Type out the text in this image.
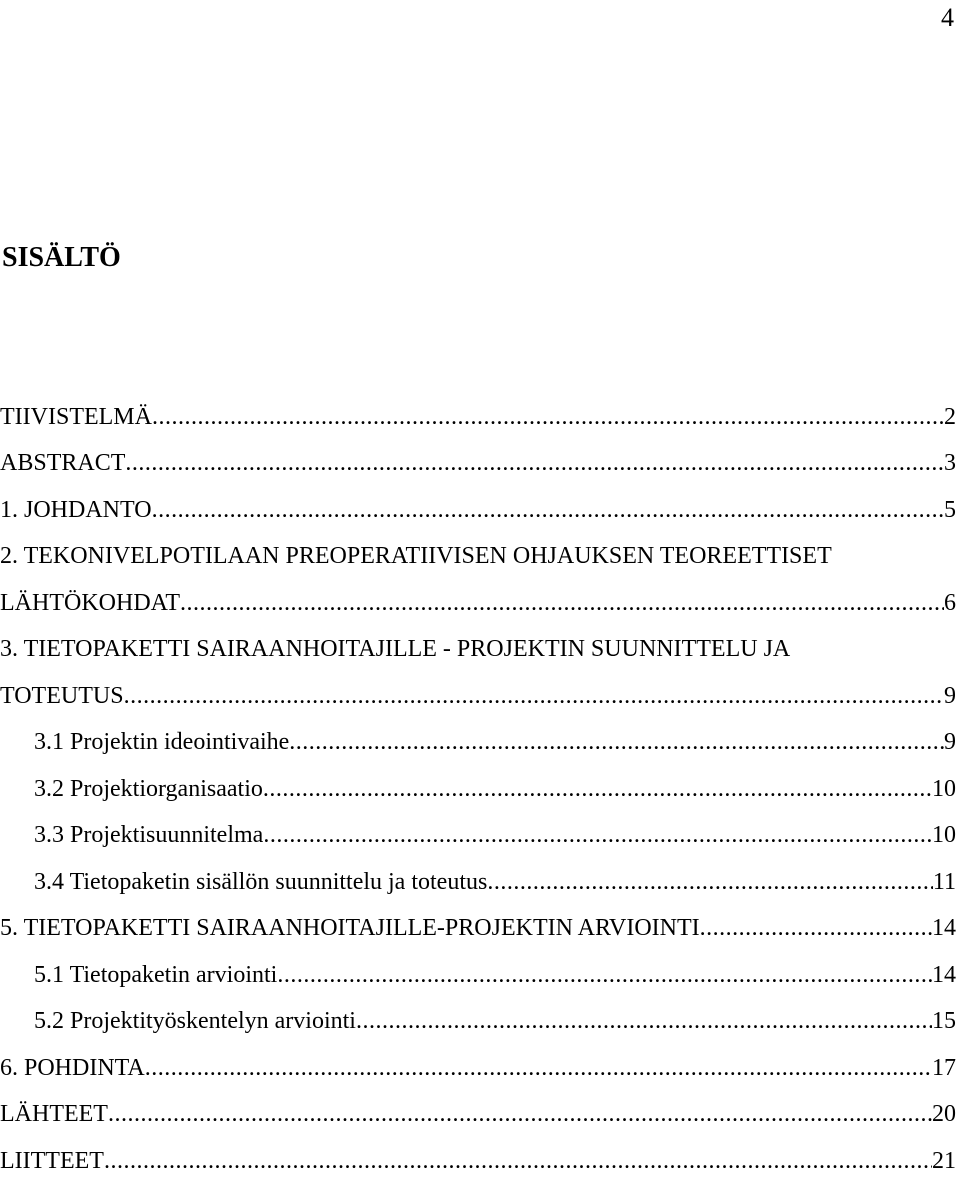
4
SISÄLTÖ
TIIVISTELMÄ .....	2
ABSTRACT .....	3
1. JOHDANTO .....	5
2. TEKONIVELPOTILAAN PREOPERATIIVISEN OHJAUKSEN TEOREETTISET
LÄHTÖKOHDAT .....	6
3. TIETOPAKETTI SAIRAANHOITAJILLE - PROJEKTIN SUUNNITTELU JA
TOTEUTUS .....	9
3.1 Projektin ideointivaihe .....	9
3.2 Projektiorganisaatio .....	10
3.3 Projektisuunnitelma .....	10
3.4 Tietopaketin sisällön suunnittelu ja toteutus .....	11
5. TIETOPAKETTI SAIRAANHOITAJILLE-PROJEKTIN ARVIOINTI .....	14
5.1 Tietopaketin arviointi .....	14
5.2 Projektityöskentelyn arviointi .....	15
6. POHDINTA .....	17
LÄHTEET .....	20
LIITTEET .....	21
